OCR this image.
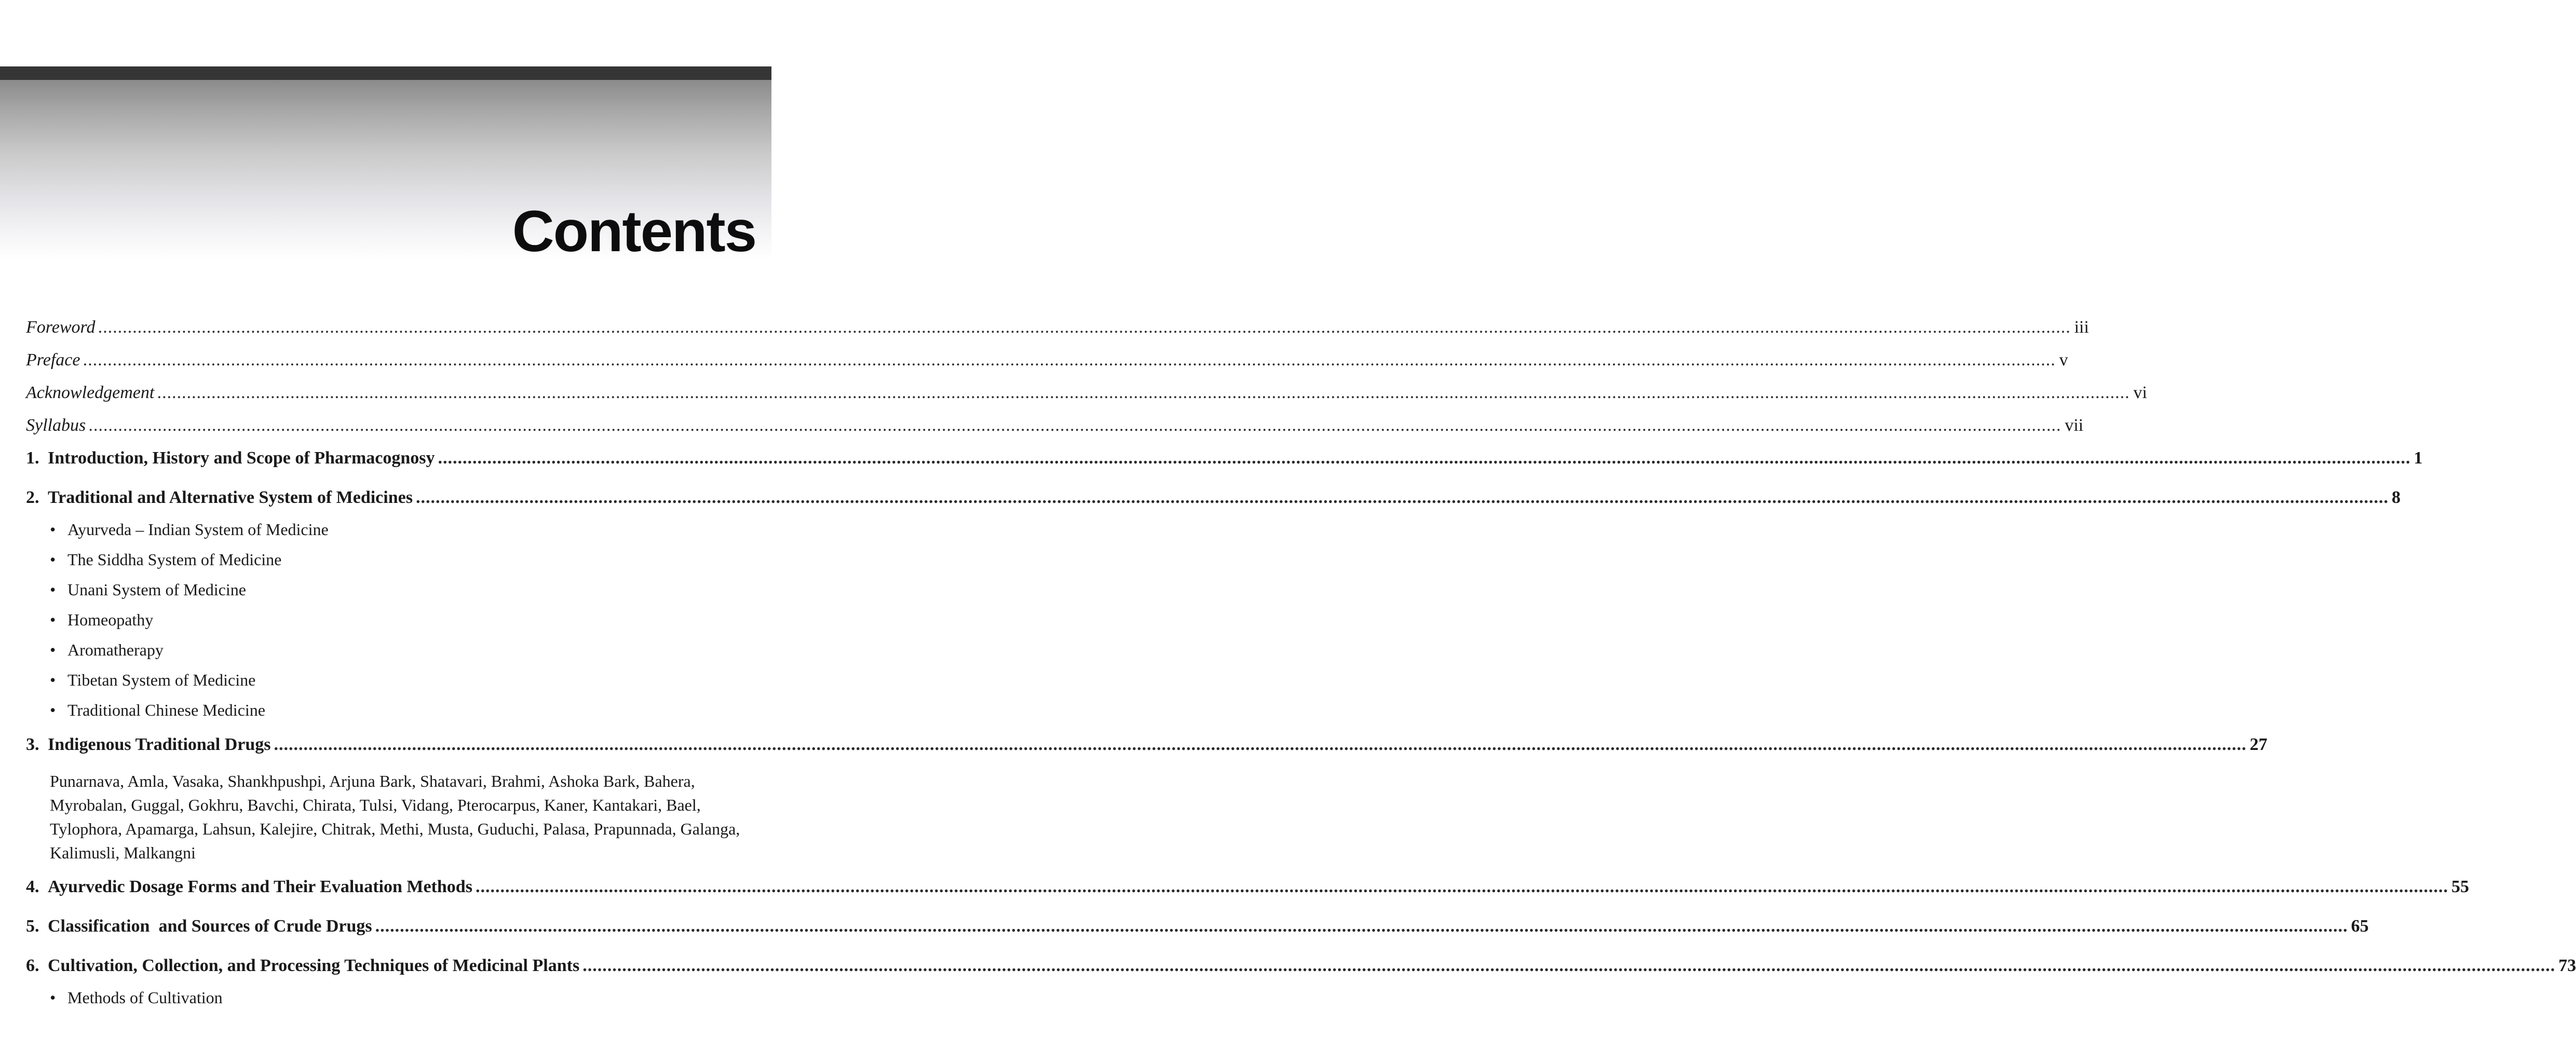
Contents
Foreword ................................................................................................................................................................................................................................................................................................................................................................................................................ iii
Preface ................................................................................................................................................................................................................................................................................................................................................................................................................ v
Acknowledgement ................................................................................................................................................................................................................................................................................................................................................................................................................ vi
Syllabus ................................................................................................................................................................................................................................................................................................................................................................................................................ vii
1. Introduction, History and Scope of Pharmacognosy ................................................................................................................................................................................................................................................................................................................................................................................................................ 1
2. Traditional and Alternative System of Medicines ................................................................................................................................................................................................................................................................................................................................................................................................................ 8
• Ayurveda – Indian System of Medicine
• The Siddha System of Medicine
• Unani System of Medicine
• Homeopathy
• Aromatherapy
• Tibetan System of Medicine
• Traditional Chinese Medicine
3. Indigenous Traditional Drugs ................................................................................................................................................................................................................................................................................................................................................................................................................ 27
Punarnava, Amla, Vasaka, Shankhpushpi, Arjuna Bark, Shatavari, Brahmi, Ashoka Bark, Bahera, Myrobalan, Guggal, Gokhru, Bavchi, Chirata, Tulsi, Vidang, Pterocarpus, Kaner, Kantakari, Bael, Tylophora, Apamarga, Lahsun, Kalejire, Chitrak, Methi, Musta, Guduchi, Palasa, Prapunnada, Galanga, Kalimusli, Malkangni
4. Ayurvedic Dosage Forms and Their Evaluation Methods ................................................................................................................................................................................................................................................................................................................................................................................................................ 55
5. Classification  and Sources of Crude Drugs ................................................................................................................................................................................................................................................................................................................................................................................................................ 65
6. Cultivation, Collection, and Processing Techniques of Medicinal Plants ................................................................................................................................................................................................................................................................................................................................................................................................................ 73
• Methods of Cultivation
